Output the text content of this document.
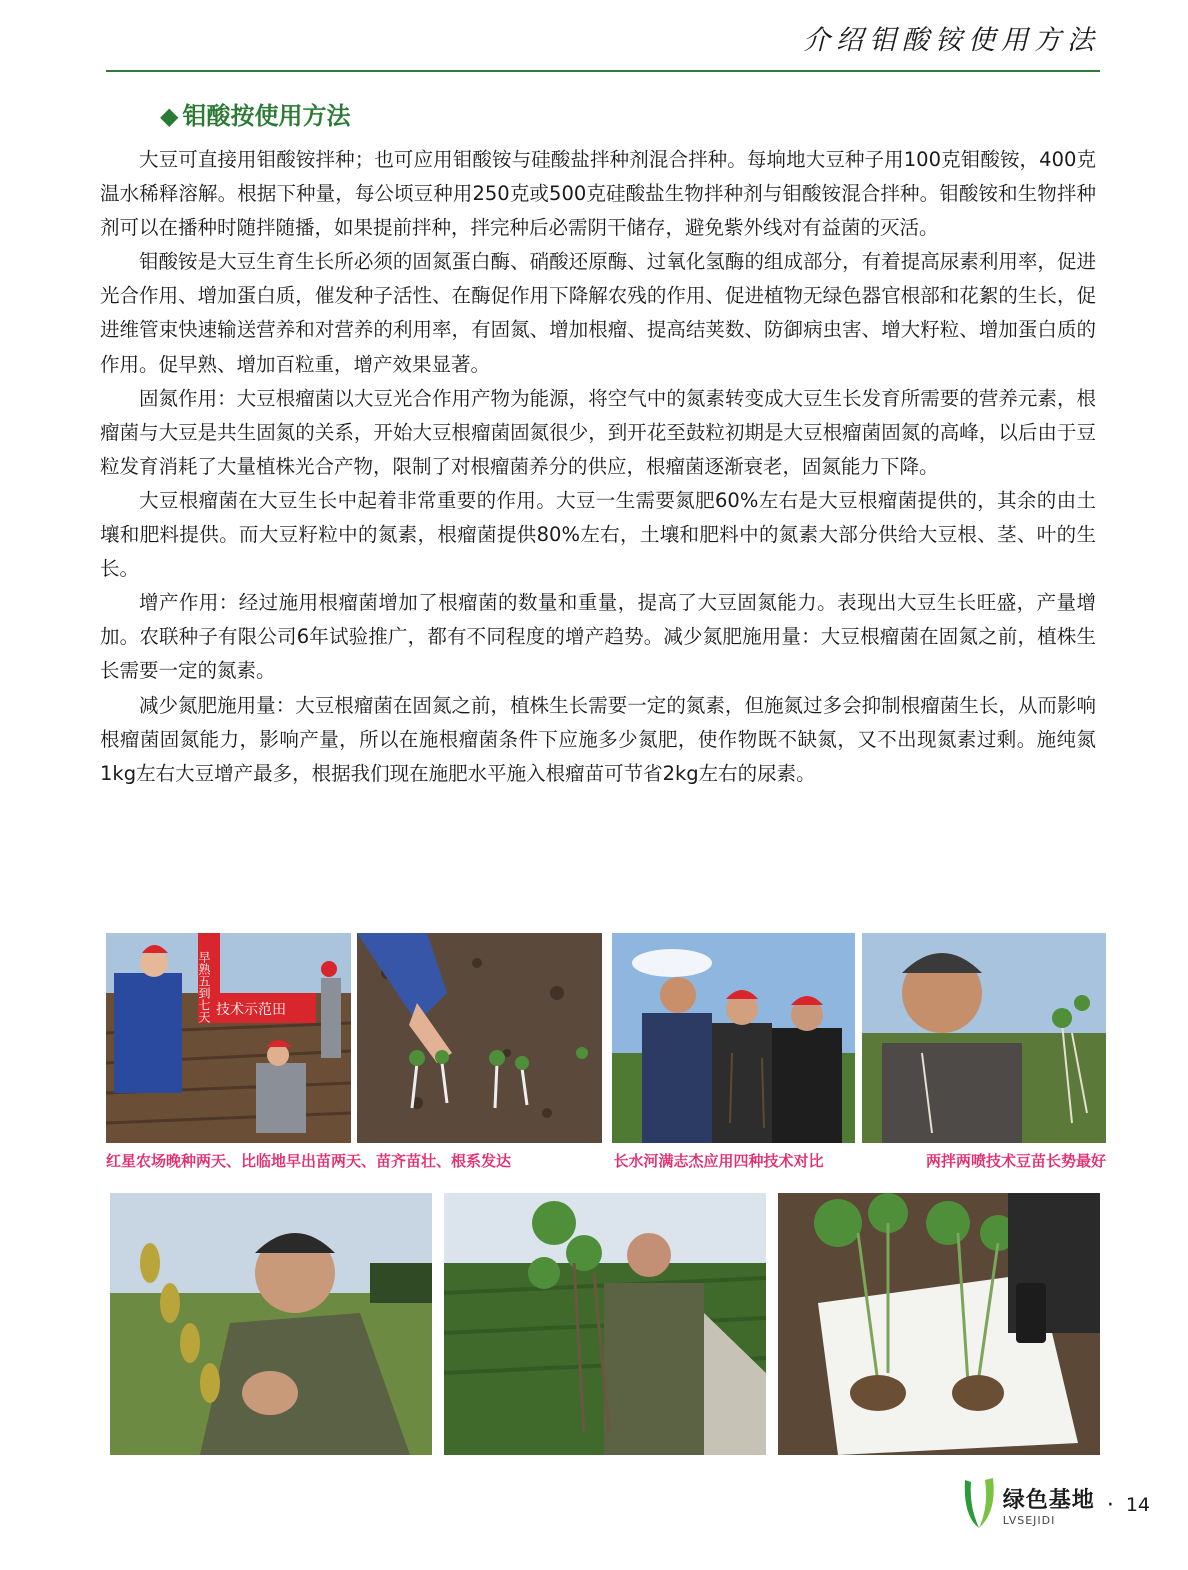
介绍钼酸铵使用方法
◆ 钼酸按使用方法

大豆可直接用钼酸铵拌种；也可应用钼酸铵与硅酸盐拌种剂混合拌种。每垧地大豆种子用100克钼酸铵，400克温水稀释溶解。根据下种量，每公顷豆种用250克或500克硅酸盐生物拌种剂与钼酸铵混合拌种。钼酸铵和生物拌种剂可以在播种时随拌随播，如果提前拌种，拌完种后必需阴干储存，避免紫外线对有益菌的灭活。

钼酸铵是大豆生育生长所必须的固氮蛋白酶、硝酸还原酶、过氧化氢酶的组成部分，有着提高尿素利用率，促进光合作用、增加蛋白质，催发种子活性、在酶促作用下降解农残的作用、促进植物无绿色器官根部和花絮的生长，促进维管束快速输送营养和对营养的利用率，有固氮、增加根瘤、提高结荚数、防御病虫害、增大籽粒、增加蛋白质的作用。促早熟、增加百粒重，增产效果显著。

固氮作用：大豆根瘤菌以大豆光合作用产物为能源，将空气中的氮素转变成大豆生长发育所需要的营养元素，根瘤菌与大豆是共生固氮的关系，开始大豆根瘤菌固氮很少，到开花至鼓粒初期是大豆根瘤菌固氮的高峰，以后由于豆粒发育消耗了大量植株光合产物，限制了对根瘤菌养分的供应，根瘤菌逐渐衰老，固氮能力下降。

大豆根瘤菌在大豆生长中起着非常重要的作用。大豆一生需要氮肥60%左右是大豆根瘤菌提供的，其余的由土壤和肥料提供。而大豆籽粒中的氮素，根瘤菌提供80%左右，土壤和肥料中的氮素大部分供给大豆根、茎、叶的生长。

增产作用：经过施用根瘤菌增加了根瘤菌的数量和重量，提高了大豆固氮能力。表现出大豆生长旺盛，产量增加。农联种子有限公司6年试验推广，都有不同程度的增产趋势。减少氮肥施用量：大豆根瘤菌在固氮之前，植株生长需要一定的氮素。

减少氮肥施用量：大豆根瘤菌在固氮之前，植株生长需要一定的氮素，但施氮过多会抑制根瘤菌生长，从而影响根瘤菌固氮能力，影响产量，所以在施根瘤菌条件下应施多少氮肥，使作物既不缺氮，又不出现氮素过剩。施纯氮1kg左右大豆增产最多，根据我们现在施肥水平施入根瘤苗可节省2kg左右的尿素。

早熟五到七天 技术示范田
红星农场晚种两天、比临地早出苗两天、苗齐苗壮、根系发达	长水河满志杰应用四种技术对比	两拌两喷技术豆苗长势最好
绿色基地
LVSEJIDI
· 14
